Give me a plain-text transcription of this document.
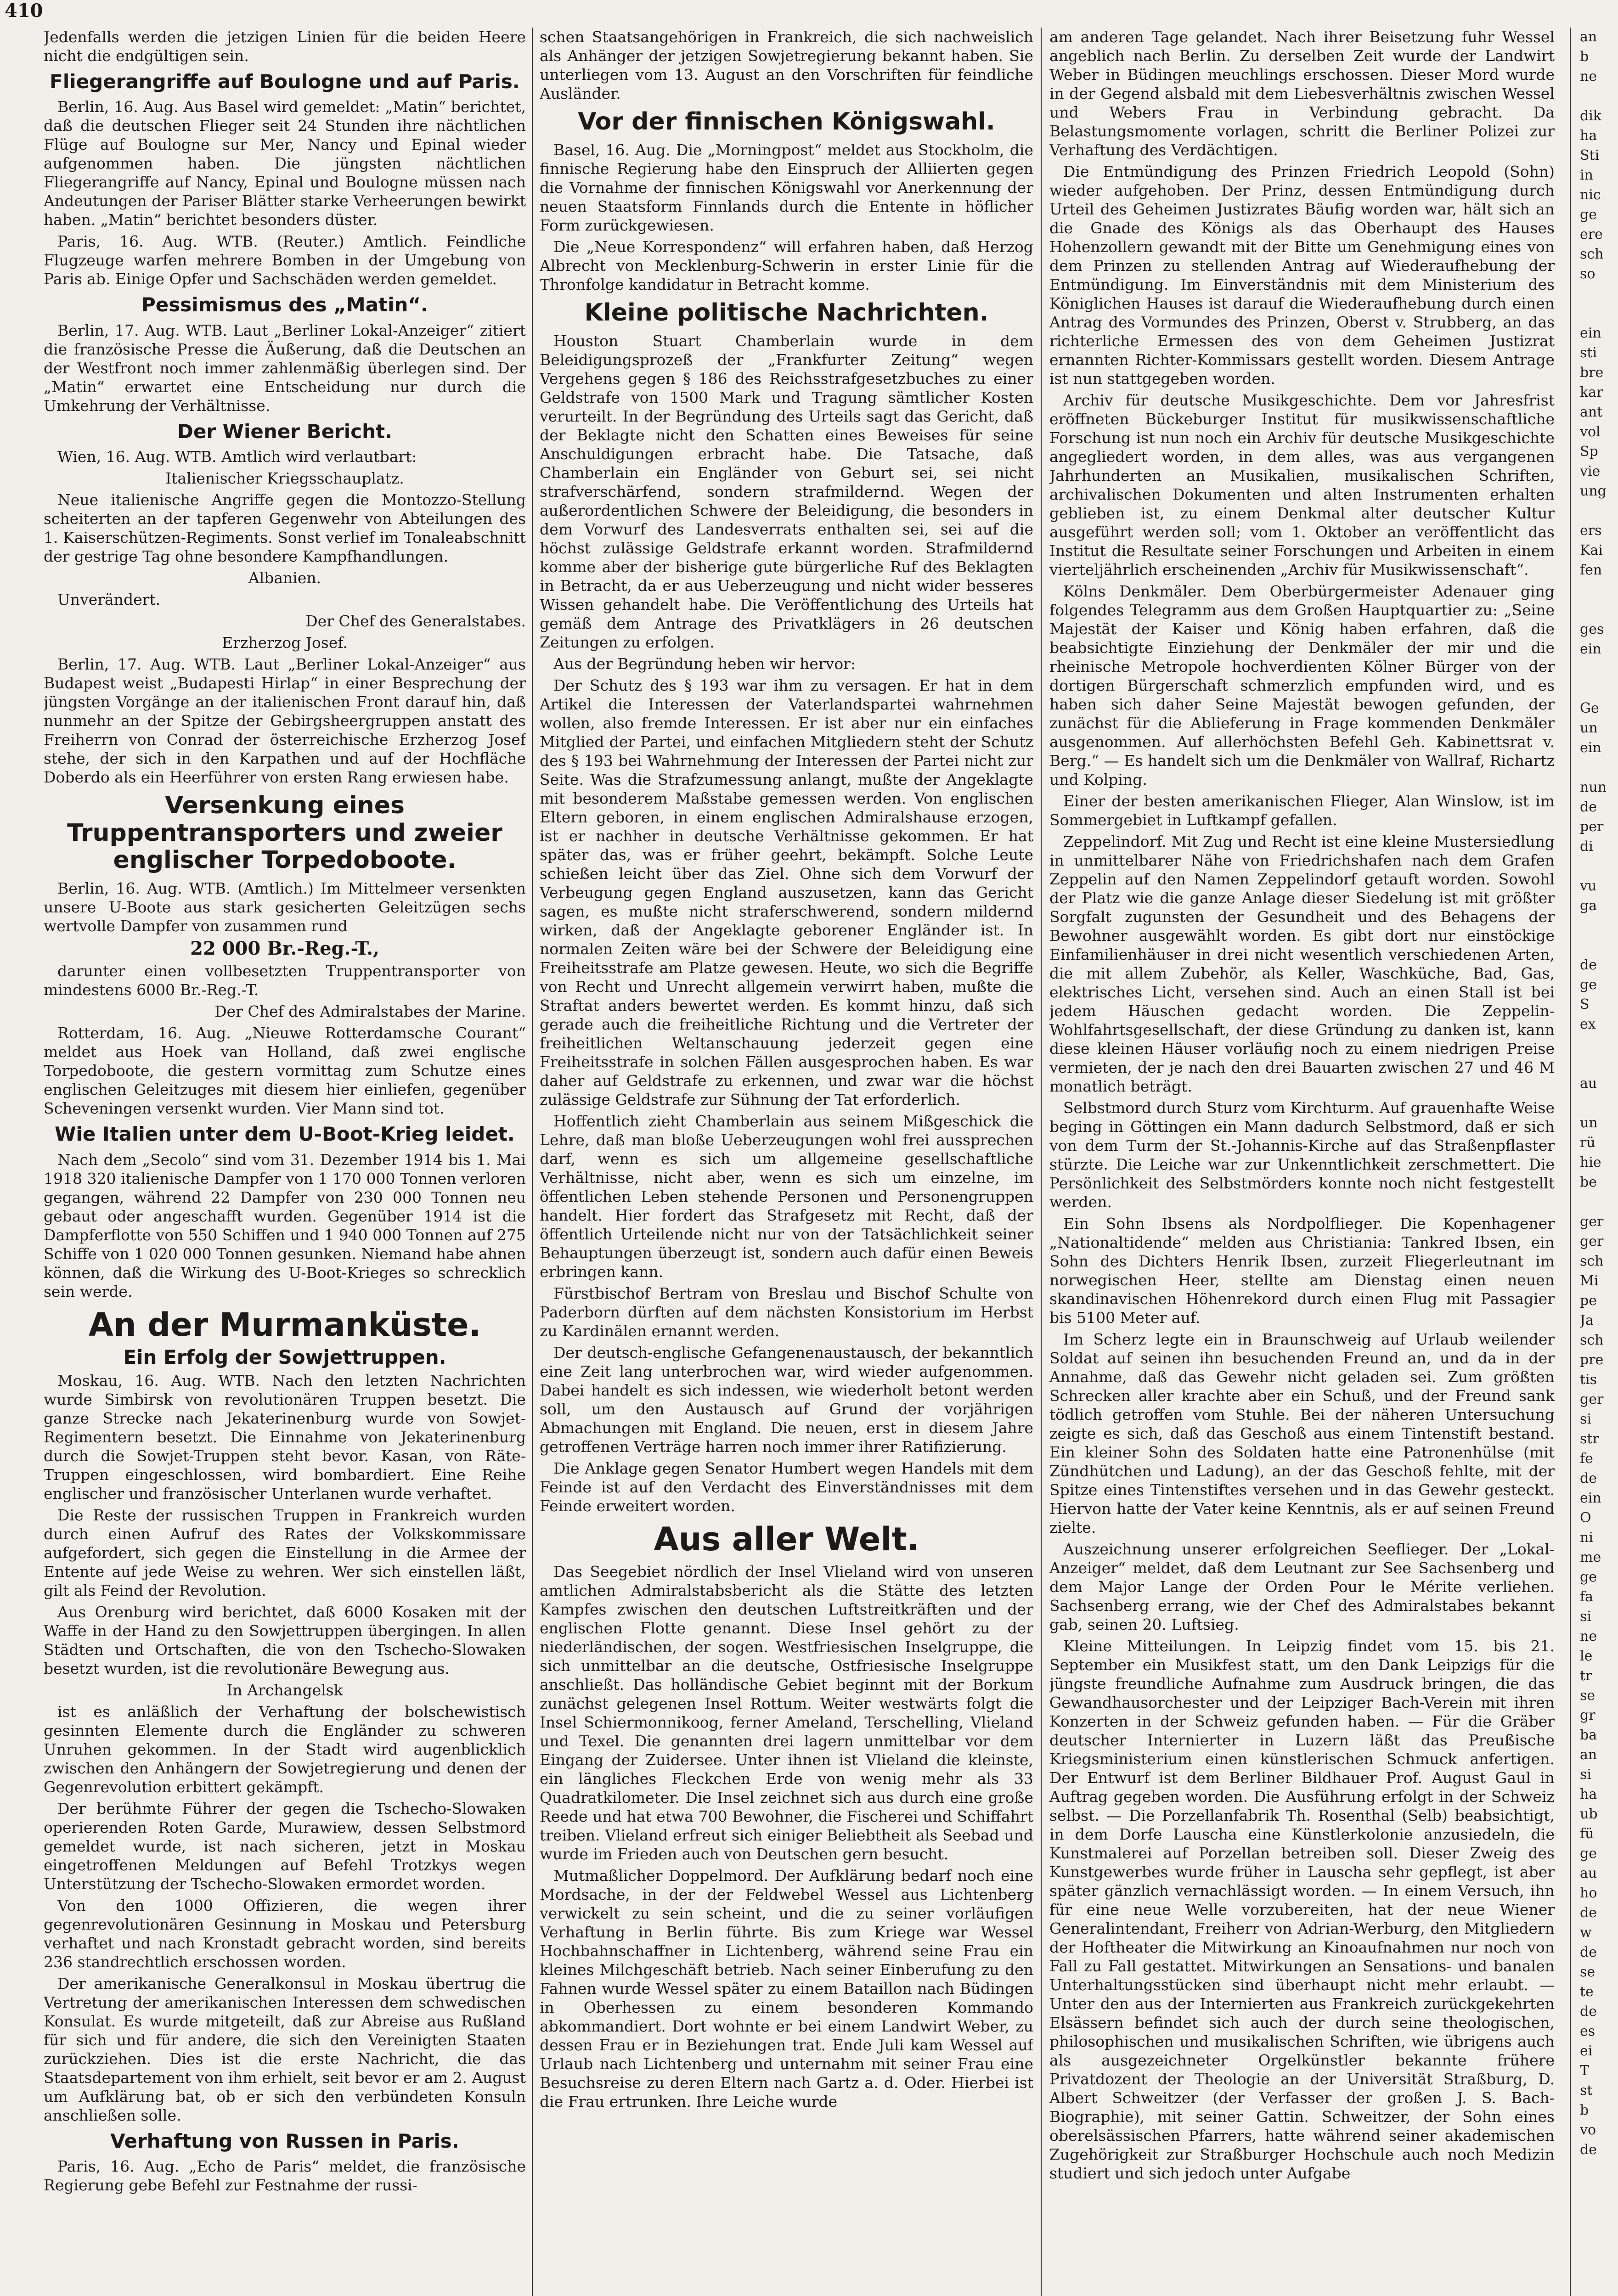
410

Jedenfalls werden die jetzigen Linien für die beiden Heere nicht die endgültigen sein.

Fliegerangriffe auf Boulogne und auf Paris.

Berlin, 16. Aug. Aus Basel wird gemeldet: „Matin“ berichtet, daß die deutschen Flieger seit 24 Stunden ihre nächtlichen Flüge auf Boulogne sur Mer, Nancy und Epinal wieder aufgenommen haben. Die jüngsten nächtlichen Fliegerangriffe auf Nancy, Epinal und Boulogne müssen nach Andeutungen der Pariser Blätter starke Verheerungen bewirkt haben. „Matin“ berichtet besonders düster.

Paris, 16. Aug. WTB. (Reuter.) Amtlich. Feindliche Flugzeuge warfen mehrere Bomben in der Umgebung von Paris ab. Einige Opfer und Sachschäden werden gemeldet.

Pessimismus des „Matin“.

Berlin, 17. Aug. WTB. Laut „Berliner Lokal-Anzeiger“ zitiert die französische Presse die Äußerung, daß die Deutschen an der Westfront noch immer zahlenmäßig überlegen sind. Der „Matin“ erwartet eine Entscheidung nur durch die Umkehrung der Verhältnisse.

Der Wiener Bericht.

Wien, 16. Aug. WTB. Amtlich wird verlautbart:

Italienischer Kriegsschauplatz.

Neue italienische Angriffe gegen die Montozzo-Stellung scheiterten an der tapferen Gegenwehr von Abteilungen des 1. Kaiserschützen-Regiments. Sonst verlief im Tonaleabschnitt der gestrige Tag ohne besondere Kampfhandlungen.

Albanien.

Unverändert.

Der Chef des Generalstabes.

Erzherzog Josef.

Berlin, 17. Aug. WTB. Laut „Berliner Lokal-Anzeiger“ aus Budapest weist „Budapesti Hirlap“ in einer Besprechung der jüngsten Vorgänge an der italienischen Front darauf hin, daß nunmehr an der Spitze der Gebirgsheergruppen anstatt des Freiherrn von Conrad der österreichische Erzherzog Josef stehe, der sich in den Karpathen und auf der Hochfläche Doberdo als ein Heerführer von ersten Rang erwiesen habe.

Versenkung eines Truppentransporters und zweier englischer Torpedoboote.

Berlin, 16. Aug. WTB. (Amtlich.) Im Mittelmeer versenkten unsere U-Boote aus stark gesicherten Geleitzügen sechs wertvolle Dampfer von zusammen rund

22 000 Br.-Reg.-T.,

darunter einen vollbesetzten Truppentransporter von mindestens 6000 Br.-Reg.-T.

Der Chef des Admiralstabes der Marine.

Rotterdam, 16. Aug. „Nieuwe Rotterdamsche Courant“ meldet aus Hoek van Holland, daß zwei englische Torpedoboote, die gestern vormittag zum Schutze eines englischen Geleitzuges mit diesem hier einliefen, gegenüber Scheveningen versenkt wurden. Vier Mann sind tot.

Wie Italien unter dem U-Boot-Krieg leidet.

Nach dem „Secolo“ sind vom 31. Dezember 1914 bis 1. Mai 1918 320 italienische Dampfer von 1 170 000 Tonnen verloren gegangen, während 22 Dampfer von 230 000 Tonnen neu gebaut oder angeschafft wurden. Gegenüber 1914 ist die Dampferflotte von 550 Schiffen und 1 940 000 Tonnen auf 275 Schiffe von 1 020 000 Tonnen gesunken. Niemand habe ahnen können, daß die Wirkung des U-Boot-Krieges so schrecklich sein werde.

An der Murmanküste.
Ein Erfolg der Sowjettruppen.

Moskau, 16. Aug. WTB. Nach den letzten Nachrichten wurde Simbirsk von revolutionären Truppen besetzt. Die ganze Strecke nach Jekaterinenburg wurde von Sowjet-Regimentern besetzt. Die Einnahme von Jekaterinenburg durch die Sowjet-Truppen steht bevor. Kasan, von Räte-Truppen eingeschlossen, wird bombardiert. Eine Reihe englischer und französischer Unterlanen wurde verhaftet.

Die Reste der russischen Truppen in Frankreich wurden durch einen Aufruf des Rates der Volkskommissare aufgefordert, sich gegen die Einstellung in die Armee der Entente auf jede Weise zu wehren. Wer sich einstellen läßt, gilt als Feind der Revolution.

Aus Orenburg wird berichtet, daß 6000 Kosaken mit der Waffe in der Hand zu den Sowjettruppen übergingen. In allen Städten und Ortschaften, die von den Tschecho-Slowaken besetzt wurden, ist die revolutionäre Bewegung aus.

In Archangelsk

ist es anläßlich der Verhaftung der bolschewistisch gesinnten Elemente durch die Engländer zu schweren Unruhen gekommen. In der Stadt wird augenblicklich zwischen den Anhängern der Sowjetregierung und denen der Gegenrevolution erbittert gekämpft.

Der berühmte Führer der gegen die Tschecho-Slowaken operierenden Roten Garde, Murawiew, dessen Selbstmord gemeldet wurde, ist nach sicheren, jetzt in Moskau eingetroffenen Meldungen auf Befehl Trotzkys wegen Unterstützung der Tschecho-Slowaken ermordet worden.

Von den 1000 Offizieren, die wegen ihrer gegenrevolutionären Gesinnung in Moskau und Petersburg verhaftet und nach Kronstadt gebracht worden, sind bereits 236 standrechtlich erschossen worden.

Der amerikanische Generalkonsul in Moskau übertrug die Vertretung der amerikanischen Interessen dem schwedischen Konsulat. Es wurde mitgeteilt, daß zur Abreise aus Rußland für sich und für andere, die sich den Vereinigten Staaten zurückziehen. Dies ist die erste Nachricht, die das Staatsdepartement von ihm erhielt, seit bevor er am 2. August um Aufklärung bat, ob er sich den verbündeten Konsuln anschließen solle.

Verhaftung von Russen in Paris.

Paris, 16. Aug. „Echo de Paris“ meldet, die französische Regierung gebe Befehl zur Festnahme der russi-

schen Staatsangehörigen in Frankreich, die sich nachweislich als Anhänger der jetzigen Sowjetregierung bekannt haben. Sie unterliegen vom 13. August an den Vorschriften für feindliche Ausländer.

Vor der finnischen Königswahl.

Basel, 16. Aug. Die „Morningpost“ meldet aus Stockholm, die finnische Regierung habe den Einspruch der Alliierten gegen die Vornahme der finnischen Königswahl vor Anerkennung der neuen Staatsform Finnlands durch die Entente in höflicher Form zurückgewiesen.

Die „Neue Korrespondenz“ will erfahren haben, daß Herzog Albrecht von Mecklenburg-Schwerin in erster Linie für die Thronfolge kandidatur in Betracht komme.

Kleine politische Nachrichten.

Houston Stuart Chamberlain wurde in dem Beleidigungsprozeß der „Frankfurter Zeitung“ wegen Vergehens gegen § 186 des Reichsstrafgesetzbuches zu einer Geldstrafe von 1500 Mark und Tragung sämtlicher Kosten verurteilt. In der Begründung des Urteils sagt das Gericht, daß der Beklagte nicht den Schatten eines Beweises für seine Anschuldigungen erbracht habe. Die Tatsache, daß Chamberlain ein Engländer von Geburt sei, sei nicht strafverschärfend, sondern strafmildernd. Wegen der außerordentlichen Schwere der Beleidigung, die besonders in dem Vorwurf des Landesverrats enthalten sei, sei auf die höchst zulässige Geldstrafe erkannt worden. Strafmildernd komme aber der bisherige gute bürgerliche Ruf des Beklagten in Betracht, da er aus Ueberzeugung und nicht wider besseres Wissen gehandelt habe. Die Veröffentlichung des Urteils hat gemäß dem Antrage des Privatklägers in 26 deutschen Zeitungen zu erfolgen.

Aus der Begründung heben wir hervor:

Der Schutz des § 193 war ihm zu versagen. Er hat in dem Artikel die Interessen der Vaterlandspartei wahrnehmen wollen, also fremde Interessen. Er ist aber nur ein einfaches Mitglied der Partei, und einfachen Mitgliedern steht der Schutz des § 193 bei Wahrnehmung der Interessen der Partei nicht zur Seite. Was die Strafzumessung anlangt, mußte der Angeklagte mit besonderem Maßstabe gemessen werden. Von englischen Eltern geboren, in einem englischen Admiralshause erzogen, ist er nachher in deutsche Verhältnisse gekommen. Er hat später das, was er früher geehrt, bekämpft. Solche Leute schießen leicht über das Ziel. Ohne sich dem Vorwurf der Verbeugung gegen England auszusetzen, kann das Gericht sagen, es mußte nicht straferschwerend, sondern mildernd wirken, daß der Angeklagte geborener Engländer ist. In normalen Zeiten wäre bei der Schwere der Beleidigung eine Freiheitsstrafe am Platze gewesen. Heute, wo sich die Begriffe von Recht und Unrecht allgemein verwirrt haben, mußte die Straftat anders bewertet werden. Es kommt hinzu, daß sich gerade auch die freiheitliche Richtung und die Vertreter der freiheitlichen Weltanschauung jederzeit gegen eine Freiheitsstrafe in solchen Fällen ausgesprochen haben. Es war daher auf Geldstrafe zu erkennen, und zwar war die höchst zulässige Geldstrafe zur Sühnung der Tat erforderlich.

Hoffentlich zieht Chamberlain aus seinem Mißgeschick die Lehre, daß man bloße Ueberzeugungen wohl frei aussprechen darf, wenn es sich um allgemeine gesellschaftliche Verhältnisse, nicht aber, wenn es sich um einzelne, im öffentlichen Leben stehende Personen und Personengruppen handelt. Hier fordert das Strafgesetz mit Recht, daß der öffentlich Urteilende nicht nur von der Tatsächlichkeit seiner Behauptungen überzeugt ist, sondern auch dafür einen Beweis erbringen kann.

Fürstbischof Bertram von Breslau und Bischof Schulte von Paderborn dürften auf dem nächsten Konsistorium im Herbst zu Kardinälen ernannt werden.

Der deutsch-englische Gefangenenaustausch, der bekanntlich eine Zeit lang unterbrochen war, wird wieder aufgenommen. Dabei handelt es sich indessen, wie wiederholt betont werden soll, um den Austausch auf Grund der vorjährigen Abmachungen mit England. Die neuen, erst in diesem Jahre getroffenen Verträge harren noch immer ihrer Ratifizierung.

Die Anklage gegen Senator Humbert wegen Handels mit dem Feinde ist auf den Verdacht des Einverständnisses mit dem Feinde erweitert worden.

Aus aller Welt.

Das Seegebiet nördlich der Insel Vlieland wird von unseren amtlichen Admiralstabsbericht als die Stätte des letzten Kampfes zwischen den deutschen Luftstreitkräften und der englischen Flotte genannt. Diese Insel gehört zu der niederländischen, der sogen. Westfriesischen Inselgruppe, die sich unmittelbar an die deutsche, Ostfriesische Inselgruppe anschließt. Das holländische Gebiet beginnt mit der Borkum zunächst gelegenen Insel Rottum. Weiter westwärts folgt die Insel Schiermonnikoog, ferner Ameland, Terschelling, Vlieland und Texel. Die genannten drei lagern unmittelbar vor dem Eingang der Zuidersee. Unter ihnen ist Vlieland die kleinste, ein längliches Fleckchen Erde von wenig mehr als 33 Quadratkilometer. Die Insel zeichnet sich aus durch eine große Reede und hat etwa 700 Bewohner, die Fischerei und Schiffahrt treiben. Vlieland erfreut sich einiger Beliebtheit als Seebad und wurde im Frieden auch von Deutschen gern besucht.

Mutmaßlicher Doppelmord. Der Aufklärung bedarf noch eine Mordsache, in der der Feldwebel Wessel aus Lichtenberg verwickelt zu sein scheint, und die zu seiner vorläufigen Verhaftung in Berlin führte. Bis zum Kriege war Wessel Hochbahnschaffner in Lichtenberg, während seine Frau ein kleines Milchgeschäft betrieb. Nach seiner Einberufung zu den Fahnen wurde Wessel später zu einem Bataillon nach Büdingen in Oberhessen zu einem besonderen Kommando abkommandiert. Dort wohnte er bei einem Landwirt Weber, zu dessen Frau er in Beziehungen trat. Ende Juli kam Wessel auf Urlaub nach Lichtenberg und unternahm mit seiner Frau eine Besuchsreise zu deren Eltern nach Gartz a. d. Oder. Hierbei ist die Frau ertrunken. Ihre Leiche wurde

am anderen Tage gelandet. Nach ihrer Beisetzung fuhr Wessel angeblich nach Berlin. Zu derselben Zeit wurde der Landwirt Weber in Büdingen meuchlings erschossen. Dieser Mord wurde in der Gegend alsbald mit dem Liebesverhältnis zwischen Wessel und Webers Frau in Verbindung gebracht. Da Belastungsmomente vorlagen, schritt die Berliner Polizei zur Verhaftung des Verdächtigen.

Die Entmündigung des Prinzen Friedrich Leopold (Sohn) wieder aufgehoben. Der Prinz, dessen Entmündigung durch Urteil des Geheimen Justizrates Bäufig worden war, hält sich an die Gnade des Königs als das Oberhaupt des Hauses Hohenzollern gewandt mit der Bitte um Genehmigung eines von dem Prinzen zu stellenden Antrag auf Wiederaufhebung der Entmündigung. Im Einverständnis mit dem Ministerium des Königlichen Hauses ist darauf die Wiederaufhebung durch einen Antrag des Vormundes des Prinzen, Oberst v. Strubberg, an das richterliche Ermessen des von dem Geheimen Justizrat ernannten Richter-Kommissars gestellt worden. Diesem Antrage ist nun stattgegeben worden.

Archiv für deutsche Musikgeschichte. Dem vor Jahresfrist eröffneten Bückeburger Institut für musikwissenschaftliche Forschung ist nun noch ein Archiv für deutsche Musikgeschichte angegliedert worden, in dem alles, was aus vergangenen Jahrhunderten an Musikalien, musikalischen Schriften, archivalischen Dokumenten und alten Instrumenten erhalten geblieben ist, zu einem Denkmal alter deutscher Kultur ausgeführt werden soll; vom 1. Oktober an veröffentlicht das Institut die Resultate seiner Forschungen und Arbeiten in einem vierteljährlich erscheinenden „Archiv für Musikwissenschaft“.

Kölns Denkmäler. Dem Oberbürgermeister Adenauer ging folgendes Telegramm aus dem Großen Hauptquartier zu: „Seine Majestät der Kaiser und König haben erfahren, daß die beabsichtigte Einziehung der Denkmäler der mir und die rheinische Metropole hochverdienten Kölner Bürger von der dortigen Bürgerschaft schmerzlich empfunden wird, und es haben sich daher Seine Majestät bewogen gefunden, der zunächst für die Ablieferung in Frage kommenden Denkmäler ausgenommen. Auf allerhöchsten Befehl Geh. Kabinettsrat v. Berg.“ — Es handelt sich um die Denkmäler von Wallraf, Richartz und Kolping.

Einer der besten amerikanischen Flieger, Alan Winslow, ist im Sommergebiet in Luftkampf gefallen.

Zeppelindorf. Mit Zug und Recht ist eine kleine Mustersiedlung in unmittelbarer Nähe von Friedrichshafen nach dem Grafen Zeppelin auf den Namen Zeppelindorf getauft worden. Sowohl der Platz wie die ganze Anlage dieser Siedelung ist mit größter Sorgfalt zugunsten der Gesundheit und des Behagens der Bewohner ausgewählt worden. Es gibt dort nur einstöckige Einfamilienhäuser in drei nicht wesentlich verschiedenen Arten, die mit allem Zubehör, als Keller, Waschküche, Bad, Gas, elektrisches Licht, versehen sind. Auch an einen Stall ist bei jedem Häuschen gedacht worden. Die Zeppelin-Wohlfahrtsgesellschaft, der diese Gründung zu danken ist, kann diese kleinen Häuser vorläufig noch zu einem niedrigen Preise vermieten, der je nach den drei Bauarten zwischen 27 und 46 M monatlich beträgt.

Selbstmord durch Sturz vom Kirchturm. Auf grauenhafte Weise beging in Göttingen ein Mann dadurch Selbstmord, daß er sich von dem Turm der St.-Johannis-Kirche auf das Straßenpflaster stürzte. Die Leiche war zur Unkenntlichkeit zerschmettert. Die Persönlichkeit des Selbstmörders konnte noch nicht festgestellt werden.

Ein Sohn Ibsens als Nordpolflieger. Die Kopenhagener „Nationaltidende“ melden aus Christiania: Tankred Ibsen, ein Sohn des Dichters Henrik Ibsen, zurzeit Fliegerleutnant im norwegischen Heer, stellte am Dienstag einen neuen skandinavischen Höhenrekord durch einen Flug mit Passagier bis 5100 Meter auf.

Im Scherz legte ein in Braunschweig auf Urlaub weilender Soldat auf seinen ihn besuchenden Freund an, und da in der Annahme, daß das Gewehr nicht geladen sei. Zum größten Schrecken aller krachte aber ein Schuß, und der Freund sank tödlich getroffen vom Stuhle. Bei der näheren Untersuchung zeigte es sich, daß das Geschoß aus einem Tintenstift bestand. Ein kleiner Sohn des Soldaten hatte eine Patronenhülse (mit Zündhütchen und Ladung), an der das Geschoß fehlte, mit der Spitze eines Tintenstiftes versehen und in das Gewehr gesteckt. Hiervon hatte der Vater keine Kenntnis, als er auf seinen Freund zielte.

Auszeichnung unserer erfolgreichen Seeflieger. Der „Lokal-Anzeiger“ meldet, daß dem Leutnant zur See Sachsenberg und dem Major Lange der Orden Pour le Mérite verliehen. Sachsenberg errang, wie der Chef des Admiralstabes bekannt gab, seinen 20. Luftsieg.

Kleine Mitteilungen. In Leipzig findet vom 15. bis 21. September ein Musikfest statt, um den Dank Leipzigs für die jüngste freundliche Aufnahme zum Ausdruck bringen, die das Gewandhausorchester und der Leipziger Bach-Verein mit ihren Konzerten in der Schweiz gefunden haben. — Für die Gräber deutscher Internierter in Luzern läßt das Preußische Kriegsministerium einen künstlerischen Schmuck anfertigen. Der Entwurf ist dem Berliner Bildhauer Prof. August Gaul in Auftrag gegeben worden. Die Ausführung erfolgt in der Schweiz selbst. — Die Porzellanfabrik Th. Rosenthal (Selb) beabsichtigt, in dem Dorfe Lauscha eine Künstlerkolonie anzusiedeln, die Kunstmalerei auf Porzellan betreiben soll. Dieser Zweig des Kunstgewerbes wurde früher in Lauscha sehr gepflegt, ist aber später gänzlich vernachlässigt worden. — In einem Versuch, ihn für eine neue Welle vorzubereiten, hat der neue Wiener Generalintendant, Freiherr von Adrian-Werburg, den Mitgliedern der Hoftheater die Mitwirkung an Kinoaufnahmen nur noch von Fall zu Fall gestattet. Mitwirkungen an Sensations- und banalen Unterhaltungsstücken sind überhaupt nicht mehr erlaubt. — Unter den aus der Internierten aus Frankreich zurückgekehrten Elsässern befindet sich auch der durch seine theologischen, philosophischen und musikalischen Schriften, wie übrigens auch als ausgezeichneter Orgelkünstler bekannte frühere Privatdozent der Theologie an der Universität Straßburg, D. Albert Schweitzer (der Verfasser der großen J. S. Bach-Biographie), mit seiner Gattin. Schweitzer, der Sohn eines oberelsässischen Pfarrers, hatte während seiner akademischen Zugehörigkeit zur Straßburger Hochschule auch noch Medizin studiert und sich jedoch unter Aufgabe

an
b
ne

dik
ha
Sti
in
nic
ge
ere
sch
so

ein
sti
bre
kar
ant
vol
Sp
vie
ung

ers
Kai
fen

ges
ein

Ge
un
ein

nun
de
per
di

vu
ga

de
ge
S
ex

au

un
rü
hie
be

ger
ger
sch
Mi
pe
Ja
sch
pre
tis
ger
si
str
fe
de
ein
O
ni
me
ge
fa
si
ne
le
tr
se
gr
ba
an
si
ha
ub
fü
ge
au
ho
de
w
de
se
te
de
es
ei
T
st
b
vo
de
